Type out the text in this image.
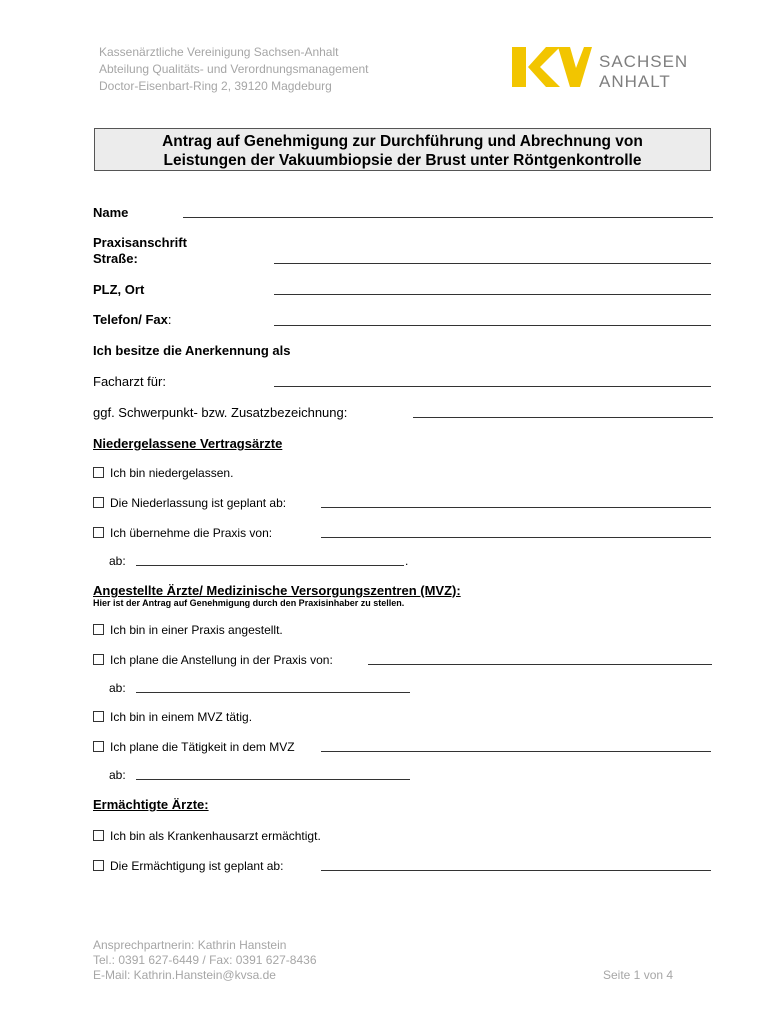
Kassenärztliche Vereinigung Sachsen-Anhalt
Abteilung Qualitäts- und Verordnungsmanagement
Doctor-Eisenbart-Ring 2, 39120 Magdeburg
SACHSEN
ANHALT
Antrag auf Genehmigung zur Durchführung und Abrechnung von
Leistungen der Vakuumbiopsie der Brust unter Röntgenkontrolle
Name
Praxisanschrift
Straße:
PLZ, Ort
Telefon/ Fax:
Ich besitze die Anerkennung als
Facharzt für:
ggf. Schwerpunkt- bzw. Zusatzbezeichnung:
Niedergelassene Vertragsärzte
Ich bin niedergelassen.
Die Niederlassung ist geplant ab:
Ich übernehme die Praxis von:
ab:	.
Angestellte Ärzte/ Medizinische Versorgungszentren (MVZ):
Hier ist der Antrag auf Genehmigung durch den Praxisinhaber zu stellen.
Ich bin in einer Praxis angestellt.
Ich plane die Anstellung in der Praxis von:
ab:
Ich bin in einem MVZ tätig.
Ich plane die Tätigkeit in dem MVZ
ab:
Ermächtigte Ärzte:
Ich bin als Krankenhausarzt ermächtigt.
Die Ermächtigung ist geplant ab:
Ansprechpartnerin: Kathrin Hanstein
Tel.: 0391 627-6449 / Fax: 0391 627-8436
E-Mail: Kathrin.Hanstein@kvsa.de	Seite 1 von 4
